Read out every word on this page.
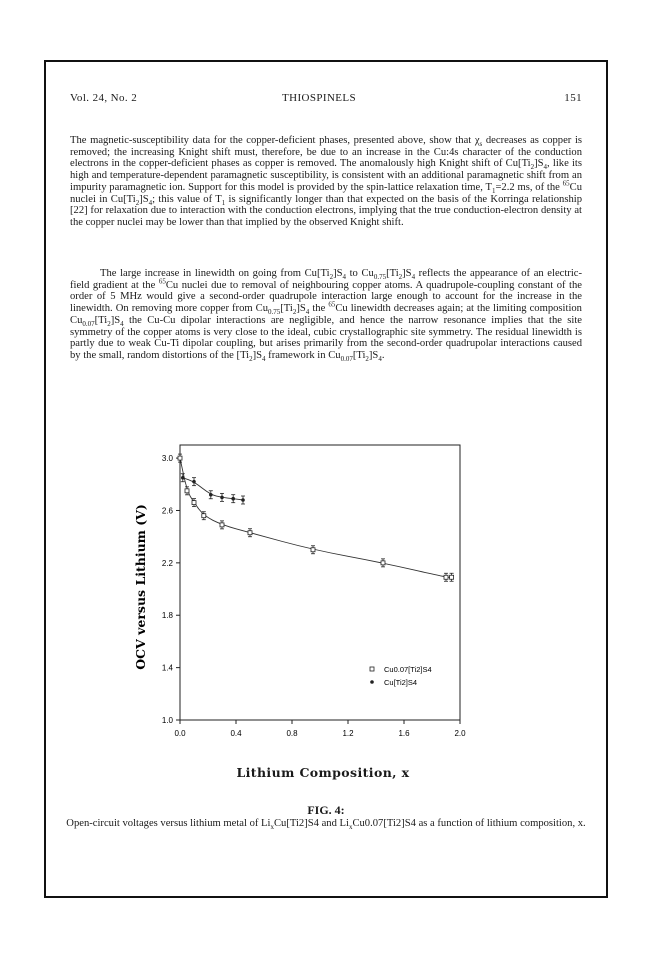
Vol. 24, No. 2	THIOSPINELS	151

The magnetic-susceptibility data for the copper-deficient phases, presented above, show that $\chi_s$ decreases as copper is removed; the increasing Knight shift must, therefore, be due to an increase in the Cu:4s character of the conduction electrons in the copper-deficient phases as copper is removed. The anomalously high Knight shift of $Cu[Ti_2]S_4$, like its high and temperature-dependent paramagnetic susceptibility, is consistent with an additional paramagnetic shift from an impurity paramagnetic ion. Support for this model is provided by the spin-lattice relaxation time, $T_1=2.2$ ms, of the $^{65}$Cu nuclei in $Cu[Ti_2]S_4$; this value of $T_1$ is significantly longer than that expected on the basis of the Korringa relationship [22] for relaxation due to interaction with the conduction electrons, implying that the true conduction-electron density at the copper nuclei may be lower than that implied by the observed Knight shift.

The large increase in linewidth on going from $Cu[Ti_2]S_4$ to $Cu_{0.75}[Ti_2]S_4$ reflects the appearance of an electric-field gradient at the $^{65}$Cu nuclei due to removal of neighbouring copper atoms. A quadrupole-coupling constant of the order of 5 MHz would give a second-order quadrupole interaction large enough to account for the increase in the linewidth. On removing more copper from $Cu_{0.75}[Ti_2]S_4$ the $^{65}$Cu linewidth decreases again; at the limiting composition $Cu_{0.07}[Ti_2]S_4$ the Cu-Cu dipolar interactions are negligible, and hence the narrow resonance implies that the site symmetry of the copper atoms is very close to the ideal, cubic crystallographic site symmetry. The residual linewidth is partly due to weak Cu-Ti dipolar coupling, but arises primarily from the second-order quadrupolar interactions caused by the small, random distortions of the $[Ti_2]S_4$ framework in $Cu_{0.07}[Ti_2]S_4$.

0.0	0.4	0.8	1.2	1.6	2.0
1.0
1.4
1.8
2.2
2.6
3.0
Cu0.07[Ti2]S4
Cu[Ti2]S4
OCV versus Lithium (V)
Lithium Composition, x
FIG. 4:
Open-circuit voltages versus lithium metal of $Li_xCu[Ti2]S4$ and $Li_xCu0.07[Ti2]S4$ as a function of lithium composition, x.
